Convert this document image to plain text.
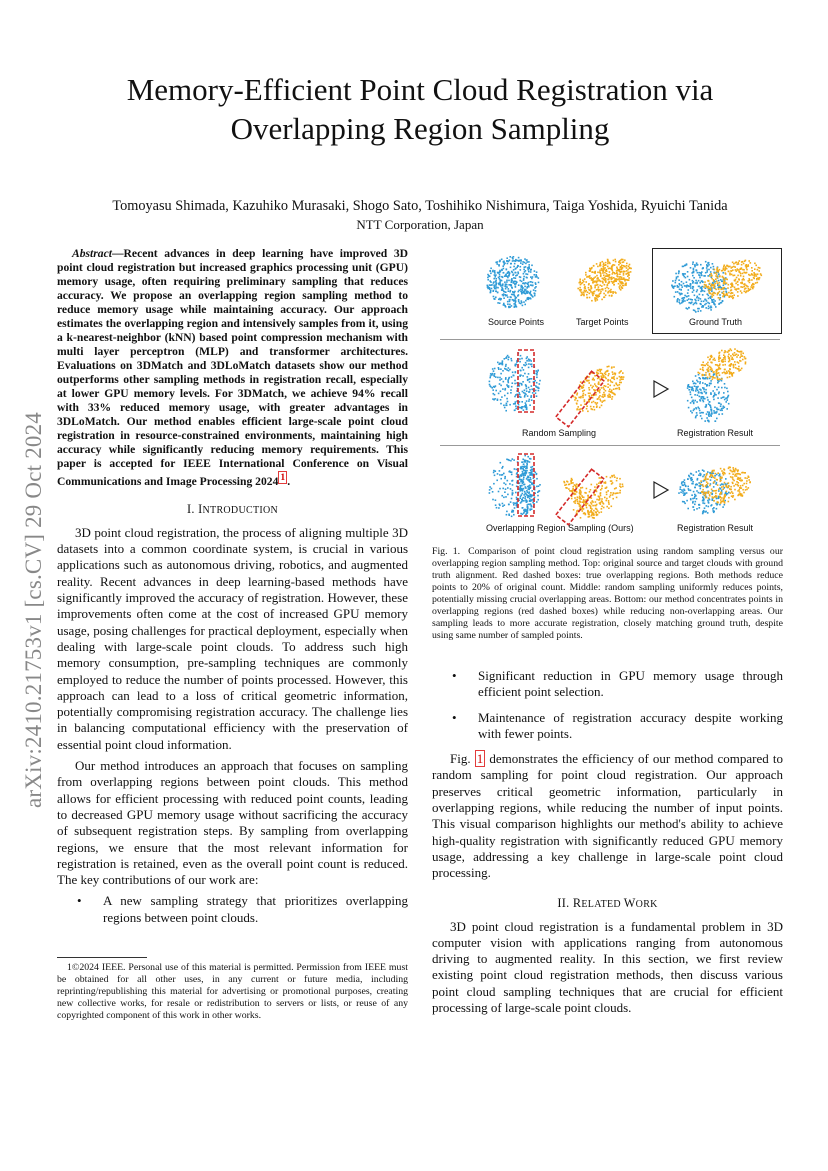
arXiv:2410.21753v1 [cs.CV] 29 Oct 2024
Memory-Efficient Point Cloud Registration via Overlapping Region Sampling
Tomoyasu Shimada, Kazuhiko Murasaki, Shogo Sato, Toshihiko Nishimura, Taiga Yoshida, Ryuichi Tanida
NTT Corporation, Japan

Abstract—Recent advances in deep learning have improved 3D point cloud registration but increased graphics processing unit (GPU) memory usage, often requiring preliminary sampling that reduces accuracy. We propose an overlapping region sampling method to reduce memory usage while maintaining accuracy. Our approach estimates the overlapping region and intensively samples from it, using a k-nearest-neighbor (kNN) based point compression mechanism with multi layer perceptron (MLP) and transformer architectures. Evaluations on 3DMatch and 3DLoMatch datasets show our method outperforms other sampling methods in registration recall, especially at lower GPU memory levels. For 3DMatch, we achieve 94% recall with 33% reduced memory usage, with greater advantages in 3DLoMatch. Our method enables efficient large-scale point cloud registration in resource-constrained environments, maintaining high accuracy while significantly reducing memory requirements. This paper is accepted for IEEE International Conference on Visual Communications and Image Processing 2024 $^1$ .

I. INTRODUCTION

3D point cloud registration, the process of aligning multiple 3D datasets into a common coordinate system, is crucial in various applications such as autonomous driving, robotics, and augmented reality. Recent advances in deep learning-based methods have significantly improved the accuracy of registration. However, these improvements often come at the cost of increased GPU memory usage, posing challenges for practical deployment, especially when dealing with large-scale point clouds. To address such high memory consumption, pre-sampling techniques are commonly employed to reduce the number of points processed. However, this approach can lead to a loss of critical geometric information, potentially compromising registration accuracy. The challenge lies in balancing computational efficiency with the preservation of essential point cloud information.

Our method introduces an approach that focuses on sampling from overlapping regions between point clouds. This method allows for efficient processing with reduced point counts, leading to decreased GPU memory usage without sacrificing the accuracy of subsequent registration steps. By sampling from overlapping regions, we ensure that the most relevant information for registration is retained, even as the overall point count is reduced. The key contributions of our work are:

• A new sampling strategy that prioritizes overlapping regions between point clouds.
1©2024 IEEE. Personal use of this material is permitted. Permission from IEEE must be obtained for all other uses, in any current or future media, including reprinting/republishing this material for advertising or promotional purposes, creating new collective works, for resale or redistribution to servers or lists, or reuse of any copyrighted component of this work in other works.
Source Points	Target Points	Ground Truth
Random Sampling	Registration Result
Overlapping Region Sampling (Ours)	Registration Result
Fig. 1. Comparison of point cloud registration using random sampling versus our overlapping region sampling method. Top: original source and target clouds with ground truth alignment. Red dashed boxes: true overlapping regions. Both methods reduce points to 20% of original count. Middle: random sampling uniformly reduces points, potentially missing crucial overlapping areas. Bottom: our method concentrates points in overlapping regions (red dashed boxes) while reducing non-overlapping areas. Our sampling leads to more accurate registration, closely matching ground truth, despite using same number of sampled points.
• Significant reduction in GPU memory usage through efficient point selection.
• Maintenance of registration accuracy despite working with fewer points.

Fig. 1 demonstrates the efficiency of our method compared to random sampling for point cloud registration. Our approach preserves critical geometric information, particularly in overlapping regions, while reducing the number of input points. This visual comparison highlights our method's ability to achieve high-quality registration with significantly reduced GPU memory usage, addressing a key challenge in large-scale point cloud processing.

II. RELATED WORK

3D point cloud registration is a fundamental problem in 3D computer vision with applications ranging from autonomous driving to augmented reality. In this section, we first review existing point cloud registration methods, then discuss various point cloud sampling techniques that are crucial for efficient processing of large-scale point clouds.
